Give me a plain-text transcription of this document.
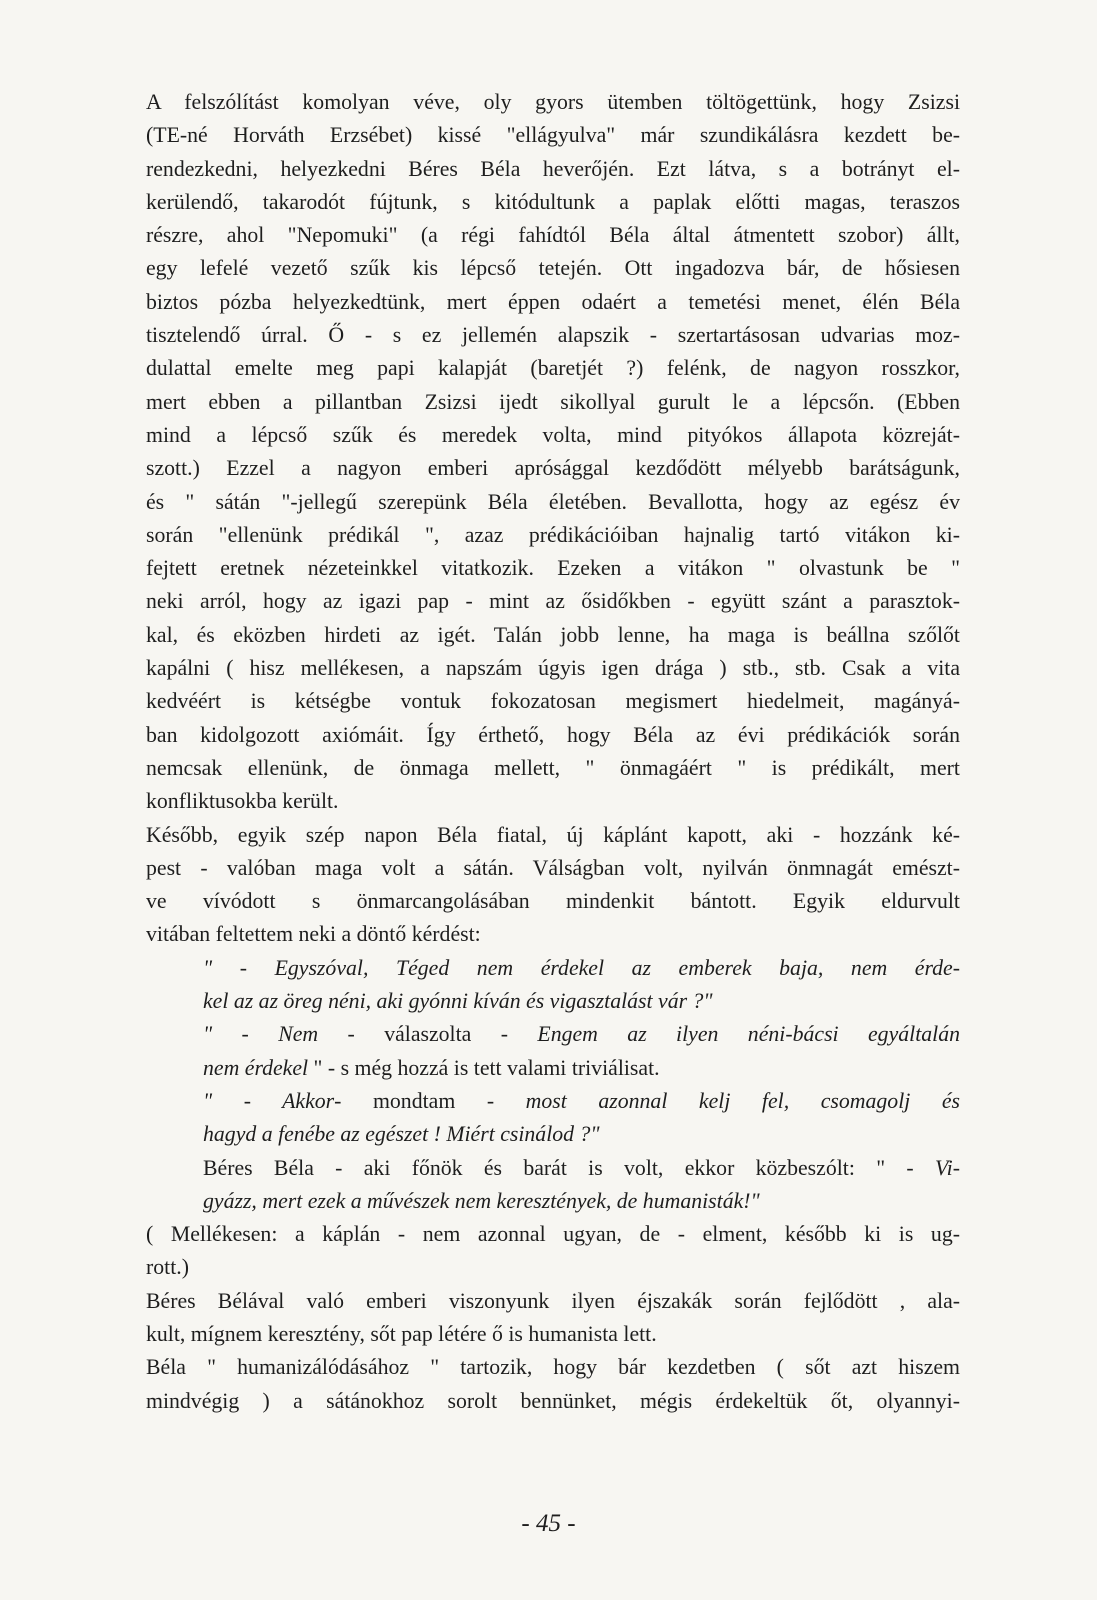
A felszólítást komolyan véve, oly gyors ütemben töltögettünk, hogy Zsizsi
(TE-né Horváth Erzsébet) kissé "ellágyulva" már szundikálásra kezdett be-
rendezkedni, helyezkedni Béres Béla heverőjén. Ezt látva, s a botrányt el-
kerülendő, takarodót fújtunk, s kitódultunk a paplak előtti magas, teraszos
részre, ahol "Nepomuki" (a régi fahídtól Béla által átmentett szobor) állt,
egy lefelé vezető szűk kis lépcső tetején. Ott ingadozva bár, de hősiesen
biztos pózba helyezkedtünk, mert éppen odaért a temetési menet, élén Béla
tisztelendő úrral. Ő - s ez jellemén alapszik - szertartásosan udvarias moz-
dulattal emelte meg papi kalapját (baretjét ?) felénk, de nagyon rosszkor,
mert ebben a pillantban Zsizsi ijedt sikollyal gurult le a lépcsőn. (Ebben
mind a lépcső szűk és meredek volta, mind pityókos állapota közreját-
szott.) Ezzel a nagyon emberi aprósággal kezdődött mélyebb barátságunk,
és " sátán "-jellegű szerepünk Béla életében. Bevallotta, hogy az egész év
során "ellenünk prédikál ", azaz prédikációiban hajnalig tartó vitákon ki-
fejtett eretnek nézeteinkkel vitatkozik. Ezeken a vitákon " olvastunk be "
neki arról, hogy az igazi pap - mint az ősidőkben - együtt szánt a parasztok-
kal, és eközben hirdeti az igét. Talán jobb lenne, ha maga is beállna szőlőt
kapálni ( hisz mellékesen, a napszám úgyis igen drága ) stb., stb. Csak a vita
kedvéért is kétségbe vontuk fokozatosan megismert hiedelmeit, magányá-
ban kidolgozott axiómáit. Így érthető, hogy Béla az évi prédikációk során
nemcsak ellenünk, de önmaga mellett, " önmagáért " is prédikált, mert
konfliktusokba került.
Később, egyik szép napon Béla fiatal, új káplánt kapott, aki - hozzánk ké-
pest - valóban maga volt a sátán. Válságban volt, nyilván önmnagát emészt-
ve vívódott s önmarcangolásában mindenkit bántott. Egyik eldurvult
vitában feltettem neki a döntő kérdést:
" - Egyszóval, Téged nem érdekel az emberek baja, nem érde-
kel az az öreg néni, aki gyónni kíván és vigasztalást vár ?"
" - Nem - válaszolta - Engem az ilyen néni-bácsi egyáltalán
nem érdekel " - s még hozzá is tett valami triviálisat.
" - Akkor- mondtam - most azonnal kelj fel, csomagolj és
hagyd a fenébe az egészet ! Miért csinálod ?"
Béres Béla - aki főnök és barát is volt, ekkor közbeszólt: " - Vi-
gyázz, mert ezek a művészek nem keresztények, de humanisták!"
( Mellékesen: a káplán - nem azonnal ugyan, de - elment, később ki is ug-
rott.)
Béres Bélával való emberi viszonyunk ilyen éjszakák során fejlődött , ala-
kult, mígnem keresztény, sőt pap létére ő is humanista lett.
Béla " humanizálódásához " tartozik, hogy bár kezdetben ( sőt azt hiszem
mindvégig ) a sátánokhoz sorolt bennünket, mégis érdekeltük őt, olyannyi-
- 45 -
